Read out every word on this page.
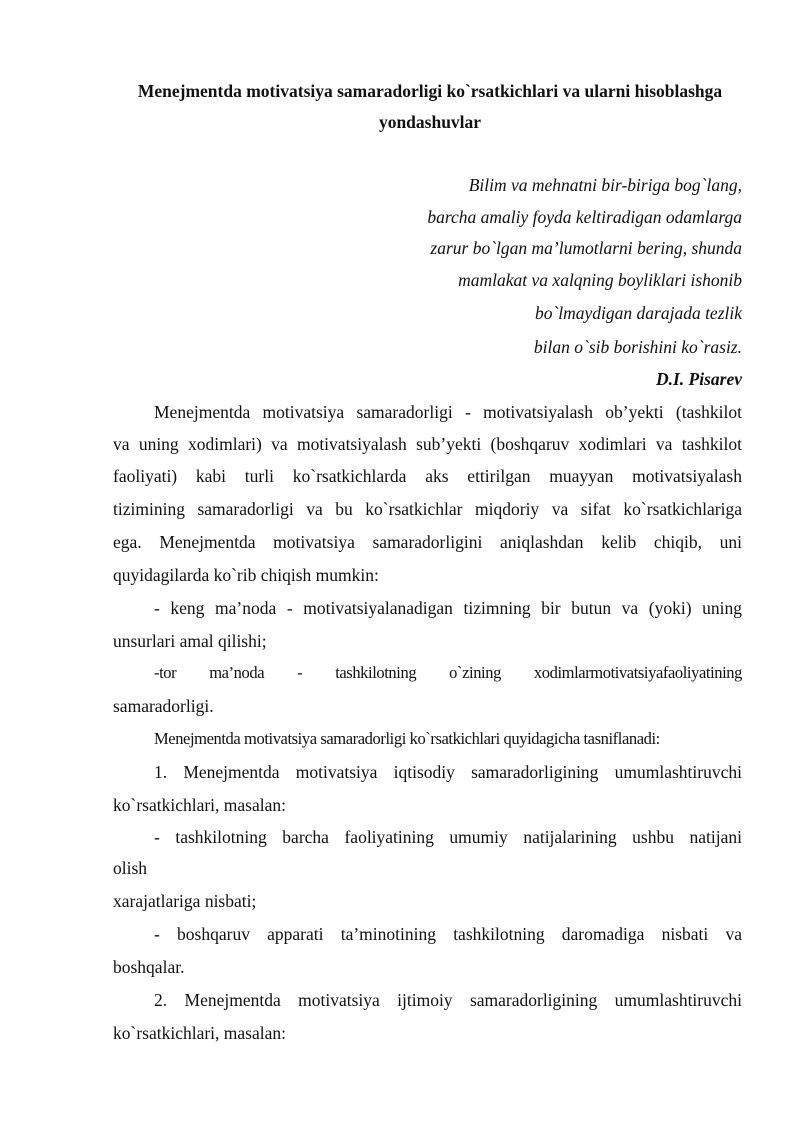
Menejmentda motivatsiya samaradorligi ko`rsatkichlari va ularni hisoblashga
yondashuvlar
Bilim va mehnatni bir-biriga bog`lang,
barcha amaliy foyda keltiradigan odamlarga
zarur bo`lgan ma’lumotlarni bering, shunda
mamlakat va xalqning boyliklari ishonib
bo`lmaydigan darajada tezlik
bilan o`sib borishini ko`rasiz.
D.I. Pisarev
Menejmentda motivatsiya samaradorligi - motivatsiyalash ob’yekti (tashkilot
va uning xodimlari) va motivatsiyalash sub’yekti (boshqaruv xodimlari va tashkilot
faoliyati) kabi turli ko`rsatkichlarda aks ettirilgan muayyan motivatsiyalash
tizimining samaradorligi va bu ko`rsatkichlar miqdoriy va sifat ko`rsatkichlariga
ega. Menejmentda motivatsiya samaradorligini aniqlashdan kelib chiqib, uni
quyidagilarda ko`rib chiqish mumkin:
- keng ma’noda - motivatsiyalanadigan tizimning bir butun va (yoki) uning
unsurlari amal qilishi;
-tor ma’noda - tashkilotning o`zining xodimlarmotivatsiyafaoliyatining
samaradorligi.
Menejmentda motivatsiya samaradorligi ko`rsatkichlari quyidagicha tasniflanadi:
1. Menejmentda motivatsiya iqtisodiy samaradorligining umumlashtiruvchi
ko`rsatkichlari, masalan:
- tashkilotning barcha faoliyatining umumiy natijalarining ushbu natijani
olish
xarajatlariga nisbati;
- boshqaruv apparati ta’minotining tashkilotning daromadiga nisbati va
boshqalar.
2. Menejmentda motivatsiya ijtimoiy samaradorligining umumlashtiruvchi
ko`rsatkichlari, masalan:
